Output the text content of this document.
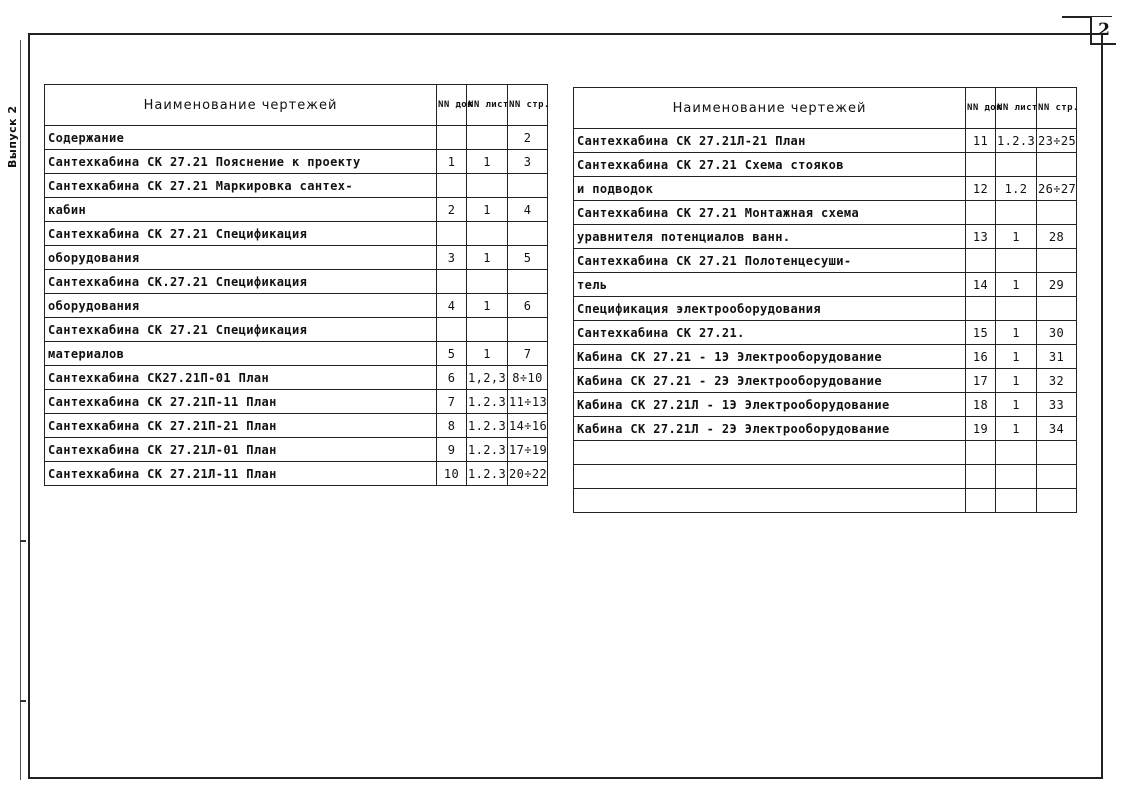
2
Выпуск 2
Наименование чертежей	NN док	NN лист	NN стр.
Содержание			2
Сантехкабина СК 27.21 Пояснение к проекту	1	1	3
Сантехкабина СК 27.21 Маркировка сантех-			
кабин	2	1	4
Сантехкабина СК 27.21 Спецификация			
оборудования	3	1	5
Сантехкабина СК.27.21 Спецификация			
оборудования	4	1	6
Сантехкабина СК 27.21 Спецификация			
материалов	5	1	7
Сантехкабина СК27.21П-01 План	6	1,2,3	8÷10
Сантехкабина СК 27.21П-11 План	7	1.2.3	11÷13
Сантехкабина СК 27.21П-21 План	8	1.2.3	14÷16
Сантехкабина СК 27.21Л-01 План	9	1.2.3	17÷19
Сантехкабина СК 27.21Л-11 План	10	1.2.3	20÷22
Наименование чертежей	NN док	NN лист	NN стр.
Сантехкабина СК 27.21Л-21 План	11	1.2.3	23÷25
Сантехкабина СК 27.21 Схема стояков			
и подводок	12	1.2	26÷27
Сантехкабина СК 27.21 Монтажная схема			
уравнителя потенциалов ванн.	13	1	28
Сантехкабина СК 27.21 Полотенцесуши-			
тель	14	1	29
Спецификация электрооборудования			
Сантехкабина СК 27.21.	15	1	30
Кабина СК 27.21 - 1Э Электрооборудование	16	1	31
Кабина СК 27.21 - 2Э Электрооборудование	17	1	32
Кабина СК 27.21Л - 1Э Электрооборудование	18	1	33
Кабина СК 27.21Л - 2Э Электрооборудование	19	1	34
